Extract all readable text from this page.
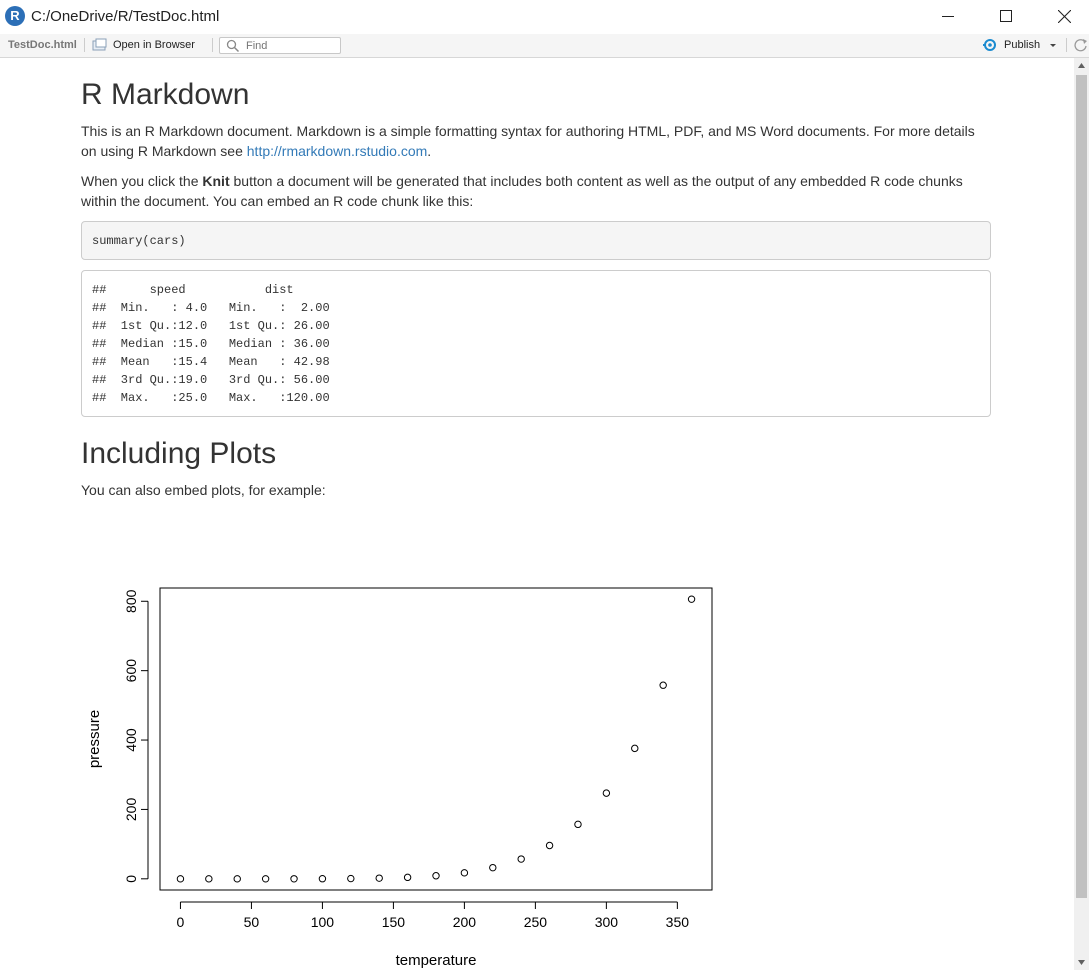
R C:/OneDrive/R/TestDoc.html
TestDoc.html	Open in Browser
Find	Publish
R Markdown

This is an R Markdown document. Markdown is a simple formatting syntax for authoring HTML, PDF, and MS Word documents. For more details on using R Markdown see http://rmarkdown.rstudio.com.

When you click the Knit button a document will be generated that includes both content as well as the output of any embedded R code chunks within the document. You can embed an R code chunk like this:

summary(cars)
##      speed           dist
##  Min.   : 4.0   Min.   :  2.00
##  1st Qu.:12.0   1st Qu.: 26.00
##  Median :15.0   Median : 36.00
##  Mean   :15.4   Mean   : 42.98
##  3rd Qu.:19.0   3rd Qu.: 56.00
##  Max.   :25.0   Max.   :120.00
Including Plots

You can also embed plots, for example:

0	50	100	150	200	250	300	350
0
200
400
600
800
temperature
pressure
